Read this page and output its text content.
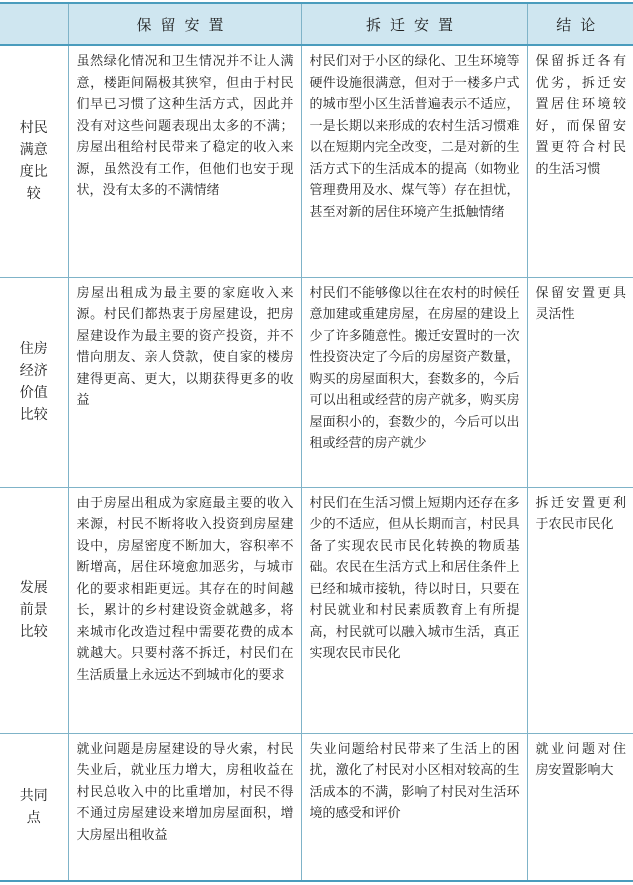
	保留安置	拆迁安置	结论
村民满意度比较	虽然绿化情况和卫生情况并不让人满意，楼距间隔极其狭窄，但由于村民们早已习惯了这种生活方式，因此并没有对这些问题表现出太多的不满；房屋出租给村民带来了稳定的收入来源，虽然没有工作，但他们也安于现状，没有太多的不满情绪	村民们对于小区的绿化、卫生环境等硬件设施很满意，但对于一楼多户式的城市型小区生活普遍表示不适应，一是长期以来形成的农村生活习惯难以在短期内完全改变，二是对新的生活方式下的生活成本的提高（如物业管理费用及水、煤气等）存在担忧，甚至对新的居住环境产生抵触情绪	保留拆迁各有优劣，拆迁安置居住环境较好，而保留安置更符合村民的生活习惯
住房经济价值比较	房屋出租成为最主要的家庭收入来源。村民们都热衷于房屋建设，把房屋建设作为最主要的资产投资，并不惜向朋友、亲人贷款，使自家的楼房建得更高、更大，以期获得更多的收益	村民们不能够像以往在农村的时候任意加建或重建房屋，在房屋的建设上少了许多随意性。搬迁安置时的一次性投资决定了今后的房屋资产数量，购买的房屋面积大，套数多的，今后可以出租或经营的房产就多，购买房屋面积小的，套数少的，今后可以出租或经营的房产就少	保留安置更具灵活性
发展前景比较	由于房屋出租成为家庭最主要的收入来源，村民不断将收入投资到房屋建设中，房屋密度不断加大，容积率不断增高，居住环境愈加恶劣，与城市化的要求相距更远。其存在的时间越长，累计的乡村建设资金就越多，将来城市化改造过程中需要花费的成本就越大。只要村落不拆迁，村民们在生活质量上永远达不到城市化的要求	村民们在生活习惯上短期内还存在多少的不适应，但从长期而言，村民具备了实现农民市民化转换的物质基础。农民在生活方式上和居住条件上已经和城市接轨，待以时日，只要在村民就业和村民素质教育上有所提高，村民就可以融入城市生活，真正实现农民市民化	拆迁安置更利于农民市民化
共同点	就业问题是房屋建设的导火索，村民失业后，就业压力增大，房租收益在村民总收入中的比重增加，村民不得不通过房屋建设来增加房屋面积，增大房屋出租收益	失业问题给村民带来了生活上的困扰，激化了村民对小区相对较高的生活成本的不满，影响了村民对生活环境的感受和评价	就业问题对住房安置影响大
